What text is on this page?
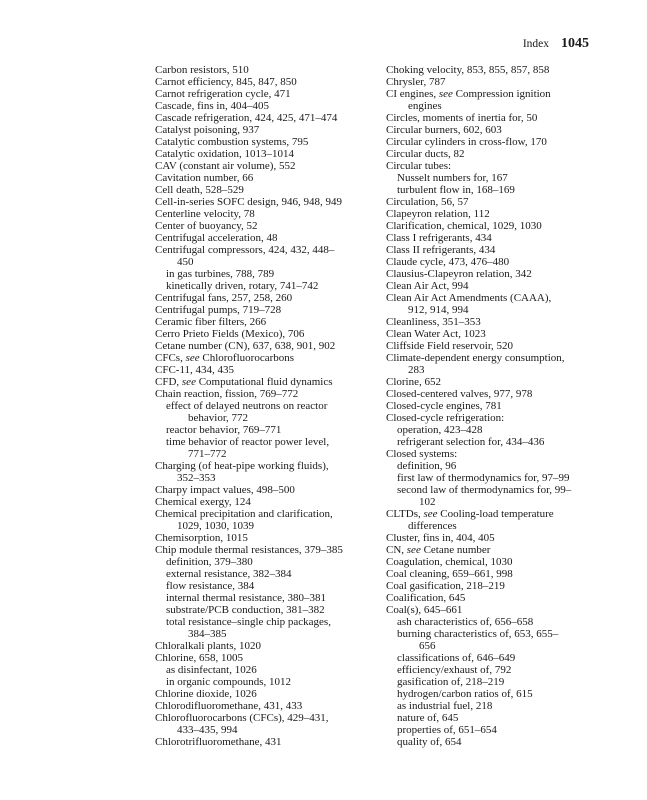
Index 1045
Carbon resistors, 510
Carnot efficiency, 845, 847, 850
Carnot refrigeration cycle, 471
Cascade, fins in, 404–405
Cascade refrigeration, 424, 425, 471–474
Catalyst poisoning, 937
Catalytic combustion systems, 795
Catalytic oxidation, 1013–1014
CAV (constant air volume), 552
Cavitation number, 66
Cell death, 528–529
Cell-in-series SOFC design, 946, 948, 949
Centerline velocity, 78
Center of buoyancy, 52
Centrifugal acceleration, 48
Centrifugal compressors, 424, 432, 448–
450
in gas turbines, 788, 789
kinetically driven, rotary, 741–742
Centrifugal fans, 257, 258, 260
Centrifugal pumps, 719–728
Ceramic fiber filters, 266
Cerro Prieto Fields (Mexico), 706
Cetane number (CN), 637, 638, 901, 902
CFCs, see Chlorofluorocarbons
CFC-11, 434, 435
CFD, see Computational fluid dynamics
Chain reaction, fission, 769–772
effect of delayed neutrons on reactor
behavior, 772
reactor behavior, 769–771
time behavior of reactor power level,
771–772
Charging (of heat-pipe working fluids),
352–353
Charpy impact values, 498–500
Chemical exergy, 124
Chemical precipitation and clarification,
1029, 1030, 1039
Chemisorption, 1015
Chip module thermal resistances, 379–385
definition, 379–380
external resistance, 382–384
flow resistance, 384
internal thermal resistance, 380–381
substrate/PCB conduction, 381–382
total resistance–single chip packages,
384–385
Chloralkali plants, 1020
Chlorine, 658, 1005
as disinfectant, 1026
in organic compounds, 1012
Chlorine dioxide, 1026
Chlorodifluoromethane, 431, 433
Chlorofluorocarbons (CFCs), 429–431,
433–435, 994
Chlorotrifluoromethane, 431
Choking velocity, 853, 855, 857, 858
Chrysler, 787
CI engines, see Compression ignition
engines
Circles, moments of inertia for, 50
Circular burners, 602, 603
Circular cylinders in cross-flow, 170
Circular ducts, 82
Circular tubes:
Nusselt numbers for, 167
turbulent flow in, 168–169
Circulation, 56, 57
Clapeyron relation, 112
Clarification, chemical, 1029, 1030
Class I refrigerants, 434
Class II refrigerants, 434
Claude cycle, 473, 476–480
Clausius-Clapeyron relation, 342
Clean Air Act, 994
Clean Air Act Amendments (CAAA),
912, 914, 994
Cleanliness, 351–353
Clean Water Act, 1023
Cliffside Field reservoir, 520
Climate-dependent energy consumption,
283
Clorine, 652
Closed-centered valves, 977, 978
Closed-cycle engines, 781
Closed-cycle refrigeration:
operation, 423–428
refrigerant selection for, 434–436
Closed systems:
definition, 96
first law of thermodynamics for, 97–99
second law of thermodynamics for, 99–
102
CLTDs, see Cooling-load temperature
differences
Cluster, fins in, 404, 405
CN, see Cetane number
Coagulation, chemical, 1030
Coal cleaning, 659–661, 998
Coal gasification, 218–219
Coalification, 645
Coal(s), 645–661
ash characteristics of, 656–658
burning characteristics of, 653, 655–
656
classifications of, 646–649
efficiency/exhaust of, 792
gasification of, 218–219
hydrogen/carbon ratios of, 615
as industrial fuel, 218
nature of, 645
properties of, 651–654
quality of, 654
